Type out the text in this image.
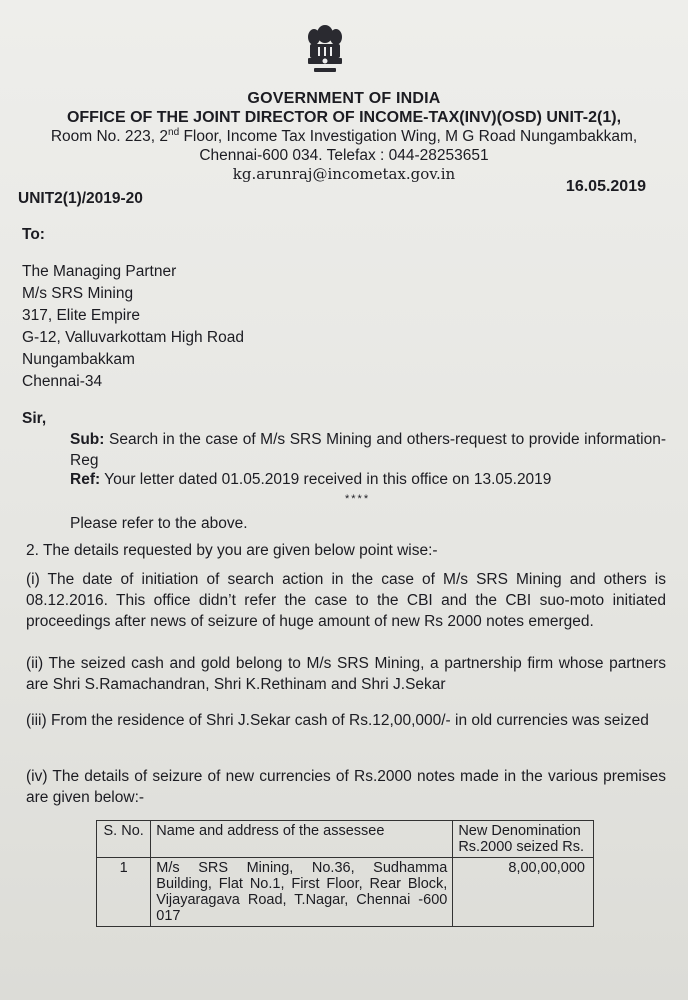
GOVERNMENT OF INDIA
OFFICE OF THE JOINT DIRECTOR OF INCOME-TAX(INV)(OSD) UNIT-2(1),
Room No. 223, 2nd Floor, Income Tax Investigation Wing, M G Road Nungambakkam,
Chennai-600 034. Telefax : 044-28253651
kg.arunraj@incometax.gov.in
UNIT2(1)/2019-20
16.05.2019
To:
The Managing Partner
M/s SRS Mining
317, Elite Empire
G-12, Valluvarkottam High Road
Nungambakkam
Chennai-34
Sir,
Sub: Search in the case of M/s SRS Mining and others-request to provide information-Reg
Ref: Your letter dated 01.05.2019 received in this office on 13.05.2019
****
Please refer to the above.
2. The details requested by you are given below point wise:-
(i) The date of initiation of search action in the case of M/s SRS Mining and others is 08.12.2016. This office didn’t refer the case to the CBI and the CBI suo-moto initiated proceedings after news of seizure of huge amount of new Rs 2000 notes emerged.
(ii) The seized cash and gold belong to M/s SRS Mining, a partnership firm whose partners are Shri S.Ramachandran, Shri K.Rethinam and Shri J.Sekar
(iii) From the residence of Shri J.Sekar cash of Rs.12,00,000/- in old currencies was seized
(iv) The details of seizure of new currencies of Rs.2000 notes made in the various premises are given below:-
S. No.	Name and address of the assessee	New Denomination Rs.2000 seized Rs.
1	M/s SRS Mining, No.36, Sudhamma Building, Flat No.1, First Floor, Rear Block, Vijayaragava Road, T.Nagar, Chennai -600 017	8,00,00,000
